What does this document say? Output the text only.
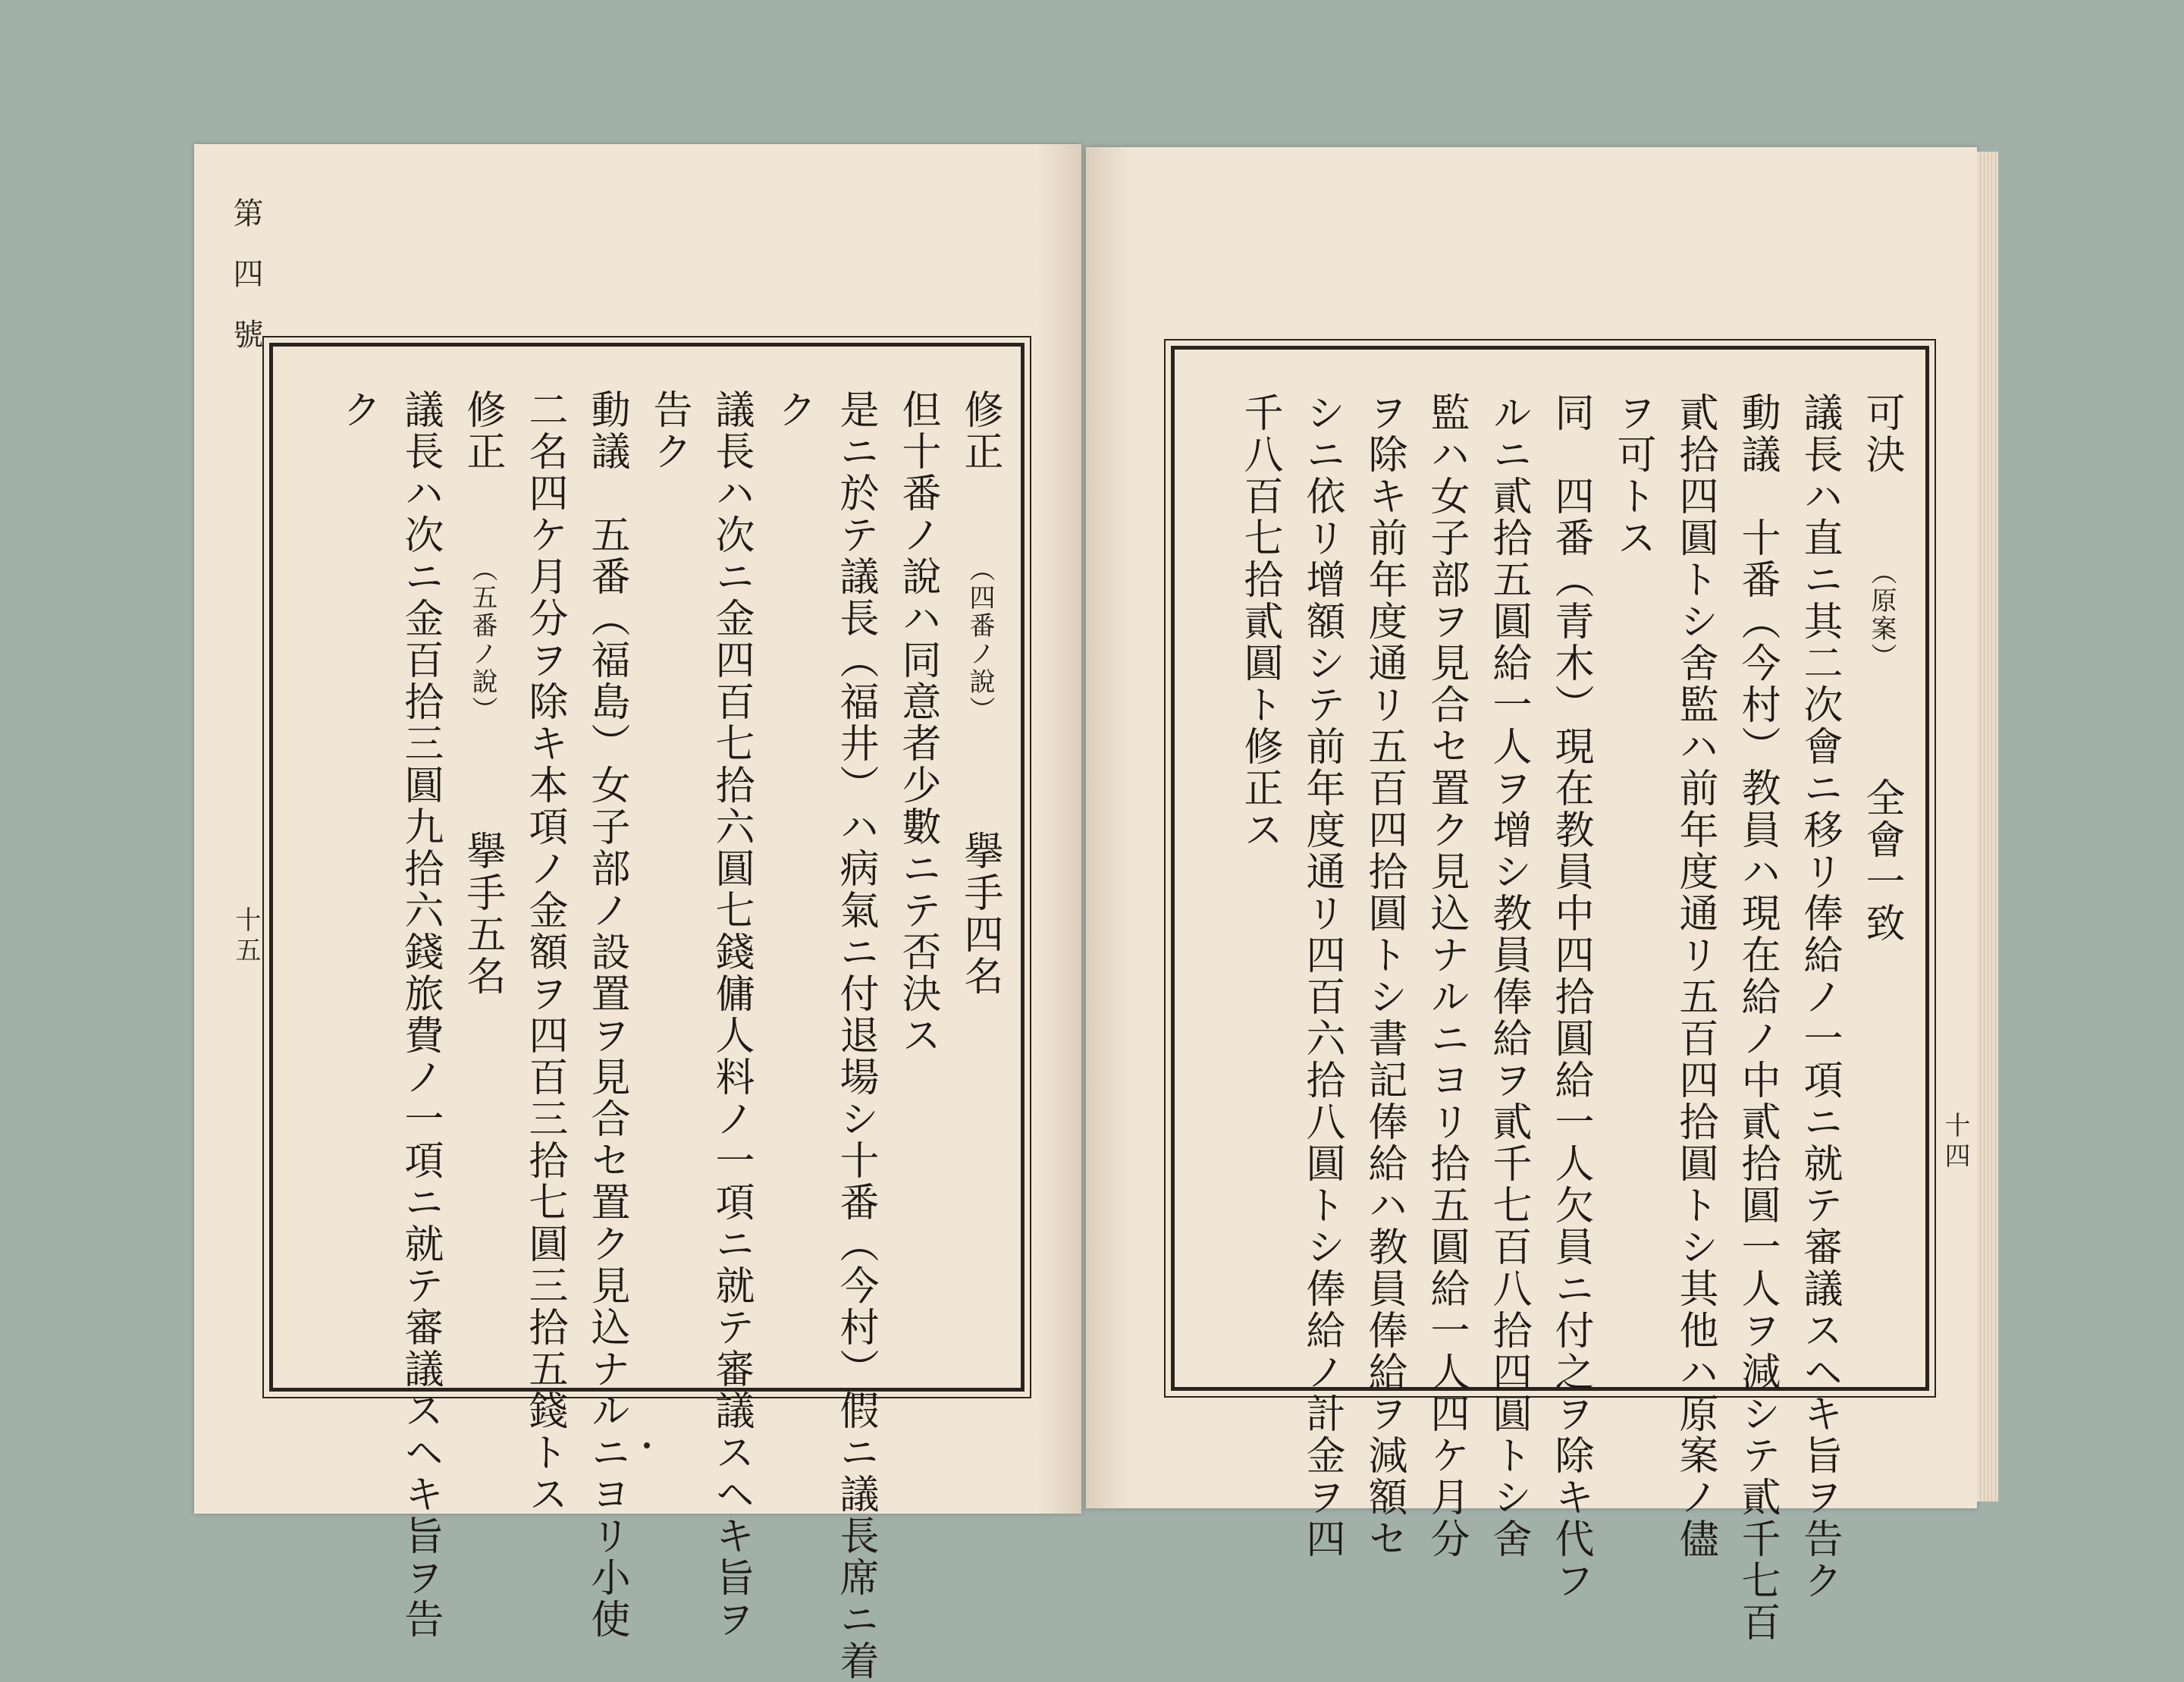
第四號
十五
修正（四番ノ說）擧手四名
但十番ノ說ハ同意者少數ニテ否決ス
是ニ於テ議長（福井）ハ病氣ニ付退場シ十番（今村）假ニ議長席ニ着
ク
議長ハ次ニ金四百七拾六圓七錢傭人料ノ一項ニ就テ審議スヘキ旨ヲ
告ク
動議　五番（福島）女子部ノ設置ヲ見合セ置ク見込ナルニヨリ小使
二名四ケ月分ヲ除キ本項ノ金額ヲ四百三拾七圓三拾五錢トス
修正（五番ノ說）擧手五名
議長ハ次ニ金百拾三圓九拾六錢旅費ノ一項ニ就テ審議スヘキ旨ヲ告
ク
十四
可決（原案）全會一致
議長ハ直ニ其二次會ニ移リ俸給ノ一項ニ就テ審議スヘキ旨ヲ告ク
動議　十番（今村）教員ハ現在給ノ中貳拾圓一人ヲ減シテ貳千七百
貳拾四圓トシ舍監ハ前年度通リ五百四拾圓トシ其他ハ原案ノ儘
ヲ可トス
同　四番（青木）現在教員中四拾圓給一人欠員ニ付之ヲ除キ代フ
ルニ貳拾五圓給一人ヲ增シ教員俸給ヲ貳千七百八拾四圓トシ舍
監ハ女子部ヲ見合セ置ク見込ナルニヨリ拾五圓給一人四ケ月分
ヲ除キ前年度通リ五百四拾圓トシ書記俸給ハ教員俸給ヲ減額セ
シニ依リ增額シテ前年度通リ四百六拾八圓トシ俸給ノ計金ヲ四
千八百七拾貳圓ト修正ス
